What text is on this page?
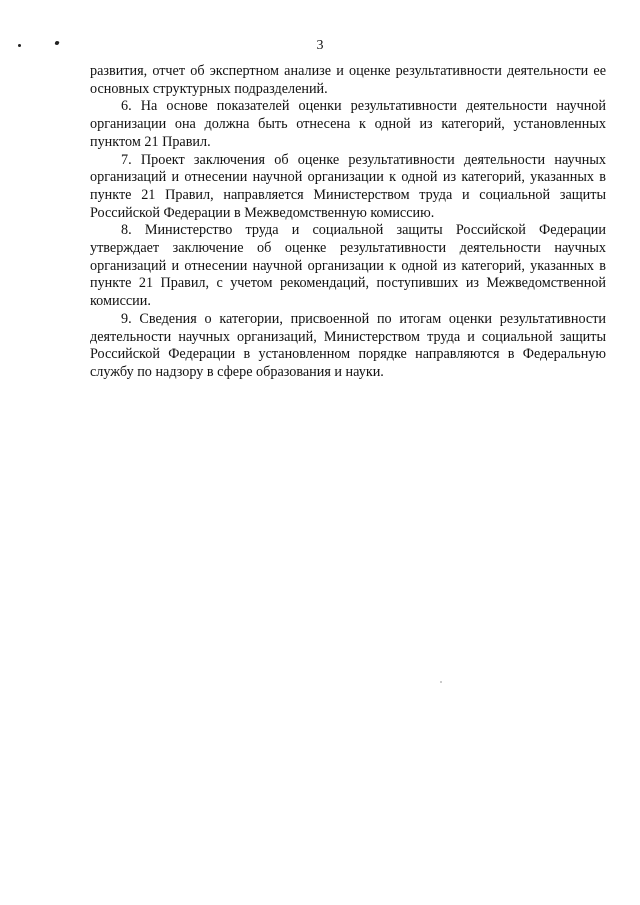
3

развития, отчет об экспертном анализе и оценке результативности деятельности ее основных структурных подразделений.

6. На основе показателей оценки результативности деятельности научной организации она должна быть отнесена к одной из категорий, установленных пунктом 21 Правил.

7. Проект заключения об оценке результативности деятельности научных организаций и отнесении научной организации к одной из категорий, указанных в пункте 21 Правил, направляется Министерством труда и социальной защиты Российской Федерации в Межведомственную комиссию.

8. Министерство труда и социальной защиты Российской Федерации утверждает заключение об оценке результативности деятельности научных организаций и отнесении научной организации к одной из категорий, указанных в пункте 21 Правил, с учетом рекомендаций, поступивших из Межведомственной комиссии.

9. Сведения о категории, присвоенной по итогам оценки результативности деятельности научных организаций, Министерством труда и социальной защиты Российской Федерации в установленном порядке направляются в Федеральную службу по надзору в сфере образования и науки.
